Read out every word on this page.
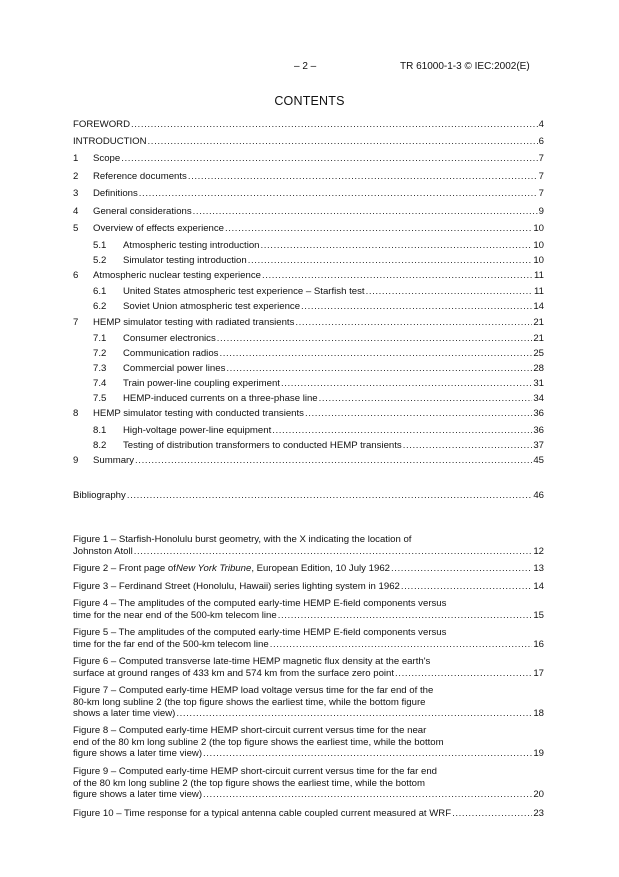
– 2 –	TR 61000-1-3 © IEC:2002(E)
CONTENTS
FOREWORD .....	4
INTRODUCTION .....	6
1	Scope .....	7
2	Reference documents .....	7
3	Definitions .....	7
4	General considerations .....	9
5	Overview of effects experience .....	10
5.1	Atmospheric testing introduction .....	10
5.2	Simulator testing introduction .....	10
6	Atmospheric nuclear testing experience .....	11
6.1	United States atmospheric test experience – Starfish test .....	11
6.2	Soviet Union atmospheric test experience .....	14
7	HEMP simulator testing with radiated transients .....	21
7.1	Consumer electronics .....	21
7.2	Communication radios .....	25
7.3	Commercial power lines .....	28
7.4	Train power-line coupling experiment .....	31
7.5	HEMP-induced currents on a three-phase line .....	34
8	HEMP simulator testing with conducted transients .....	36
8.1	High-voltage power-line equipment .....	36
8.2	Testing of distribution transformers to conducted HEMP transients .....	37
9	Summary .....	45
Bibliography .....	46
Figure 1 – Starfish-Honolulu burst geometry, with the X indicating the location of
Johnston Atoll .....	12
Figure 2 – Front page of New York Tribune , European Edition, 10 July 1962 .....	13
Figure 3 – Ferdinand Street (Honolulu, Hawaii) series lighting system in 1962 .....	14
Figure 4 – The amplitudes of the computed early-time HEMP E-field components versus
time for the near end of the 500-km telecom line .....	15
Figure 5 – The amplitudes of the computed early-time HEMP E-field components versus
time for the far end of the 500-km telecom line .....	16
Figure 6 – Computed transverse late-time HEMP magnetic flux density at the earth's
surface at ground ranges of 433 km and 574 km from the surface zero point .....	17
Figure 7 – Computed early-time HEMP load voltage versus time for the far end of the
80-km long subline 2 (the top figure shows the earliest time, while the bottom figure
shows a later time view) .....	18
Figure 8 – Computed early-time HEMP short-circuit current versus time for the near
end of the 80 km long subline 2 (the top figure shows the earliest time, while the bottom
figure shows a later time view) .....	19
Figure 9 – Computed early-time HEMP short-circuit current versus time for the far end
of the 80 km long subline 2 (the top figure shows the earliest time, while the bottom
figure shows a later time view) .....	20
Figure 10 – Time response for a typical antenna cable coupled current measured at WRF .....	23
